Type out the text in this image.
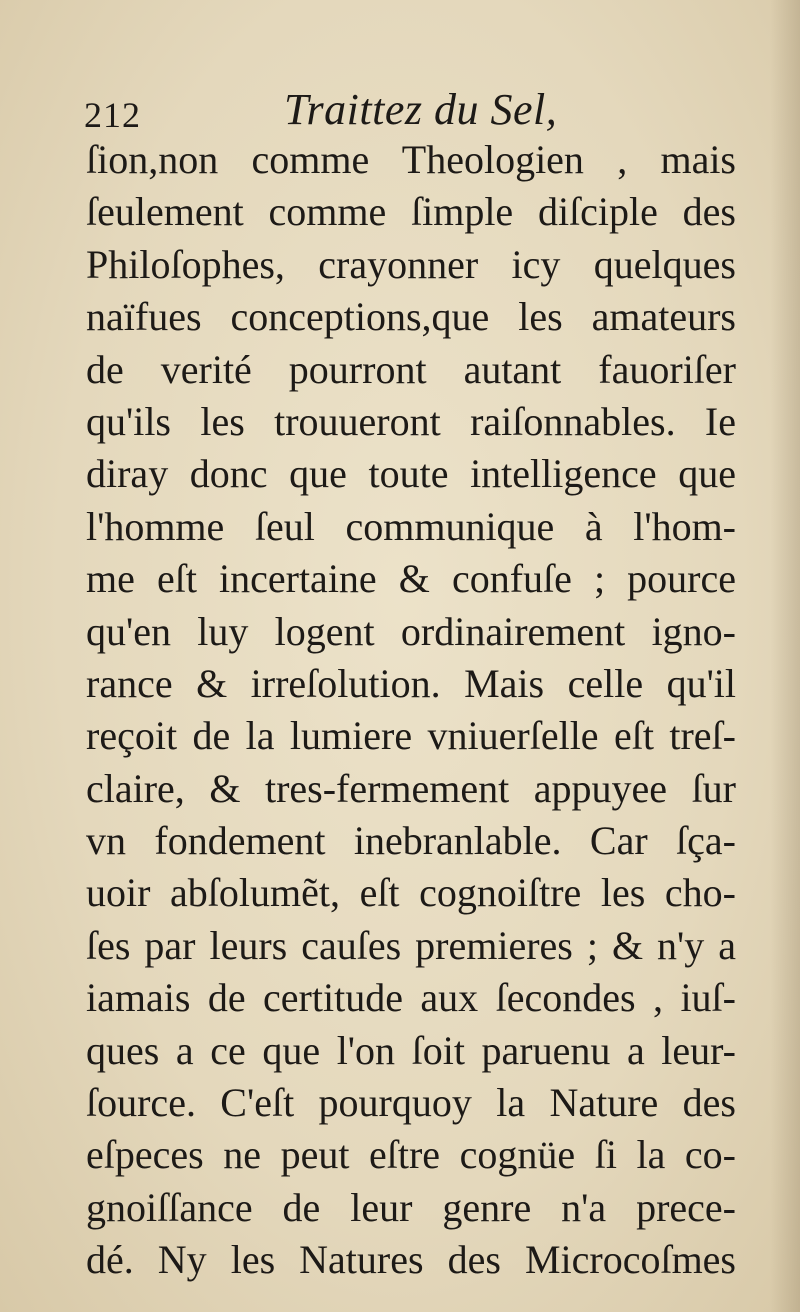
212	Traittez du Sel,
ſion,non comme Theologien , mais
ſeulement comme ſimple diſciple des
Philoſophes, crayonner icy quelques
naïfues conceptions,que les amateurs
de verité pourront autant fauoriſer
qu'ils les trouueront raiſonnables. Ie
diray donc que toute intelligence que
l'homme ſeul communique à l'hom-
me eſt incertaine & confuſe ; pource
qu'en luy logent ordinairement igno-
rance & irreſolution. Mais celle qu'il
reçoit de la lumiere vniuerſelle eſt treſ-
claire, & tres-fermement appuyee ſur
vn fondement inebranlable. Car ſça-
uoir abſolumẽt, eſt cognoiſtre les cho-
ſes par leurs cauſes premieres ; & n'y a
iamais de certitude aux ſecondes , iuſ-
ques a ce que l'on ſoit paruenu a leur-
ſource. C'eſt pourquoy la Nature des
eſpeces ne peut eſtre cognüe ſi la co-
gnoiſſance de leur genre n'a prece-
dé. Ny les Natures des Microcoſmes
